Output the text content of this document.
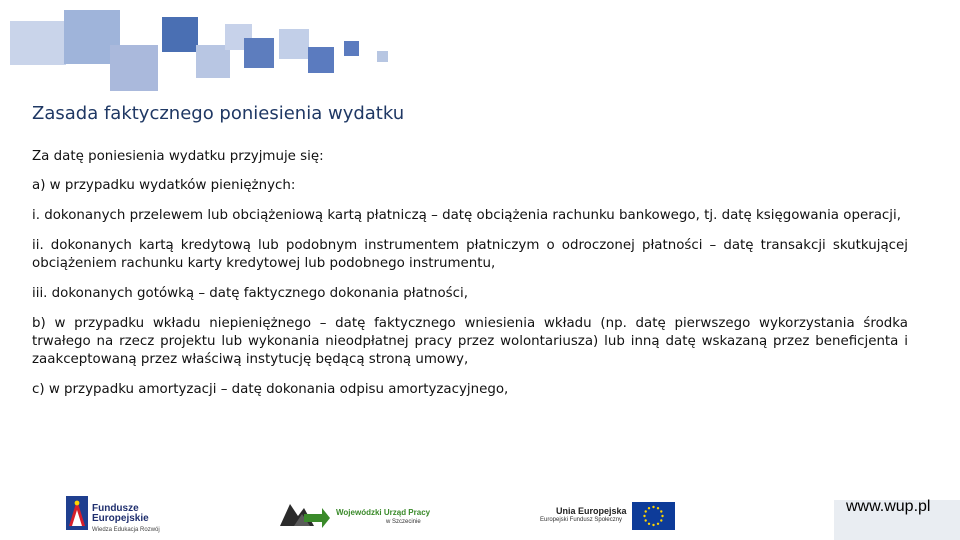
Zasada faktycznego poniesienia wydatku

Za datę poniesienia wydatku przyjmuje się:

a) w przypadku wydatków pieniężnych:

i. dokonanych przelewem lub obciążeniową kartą płatniczą – datę obciążenia rachunku bankowego, tj. datę księgowania operacji,

ii. dokonanych kartą kredytową lub podobnym instrumentem płatniczym o odroczonej płatności – datę transakcji skutkującej obciążeniem rachunku karty kredytowej lub podobnego instrumentu,

iii. dokonanych gotówką – datę faktycznego dokonania płatności,

b) w przypadku wkładu niepieniężnego – datę faktycznego wniesienia wkładu (np. datę pierwszego wykorzystania środka trwałego na rzecz projektu lub wykonania nieodpłatnej pracy przez wolontariusza) lub inną datę wskazaną przez beneficjenta i zaakceptowaną przez właściwą instytucję będącą stroną umowy,

c) w przypadku amortyzacji – datę dokonania odpisu amortyzacyjnego,

Fundusze
Europejskie
Wiedza Edukacja Rozwój
Wojewódzki Urząd Pracy
w Szczecinie
Unia Europejska
Europejski Fundusz Społeczny
www.wup.pl
